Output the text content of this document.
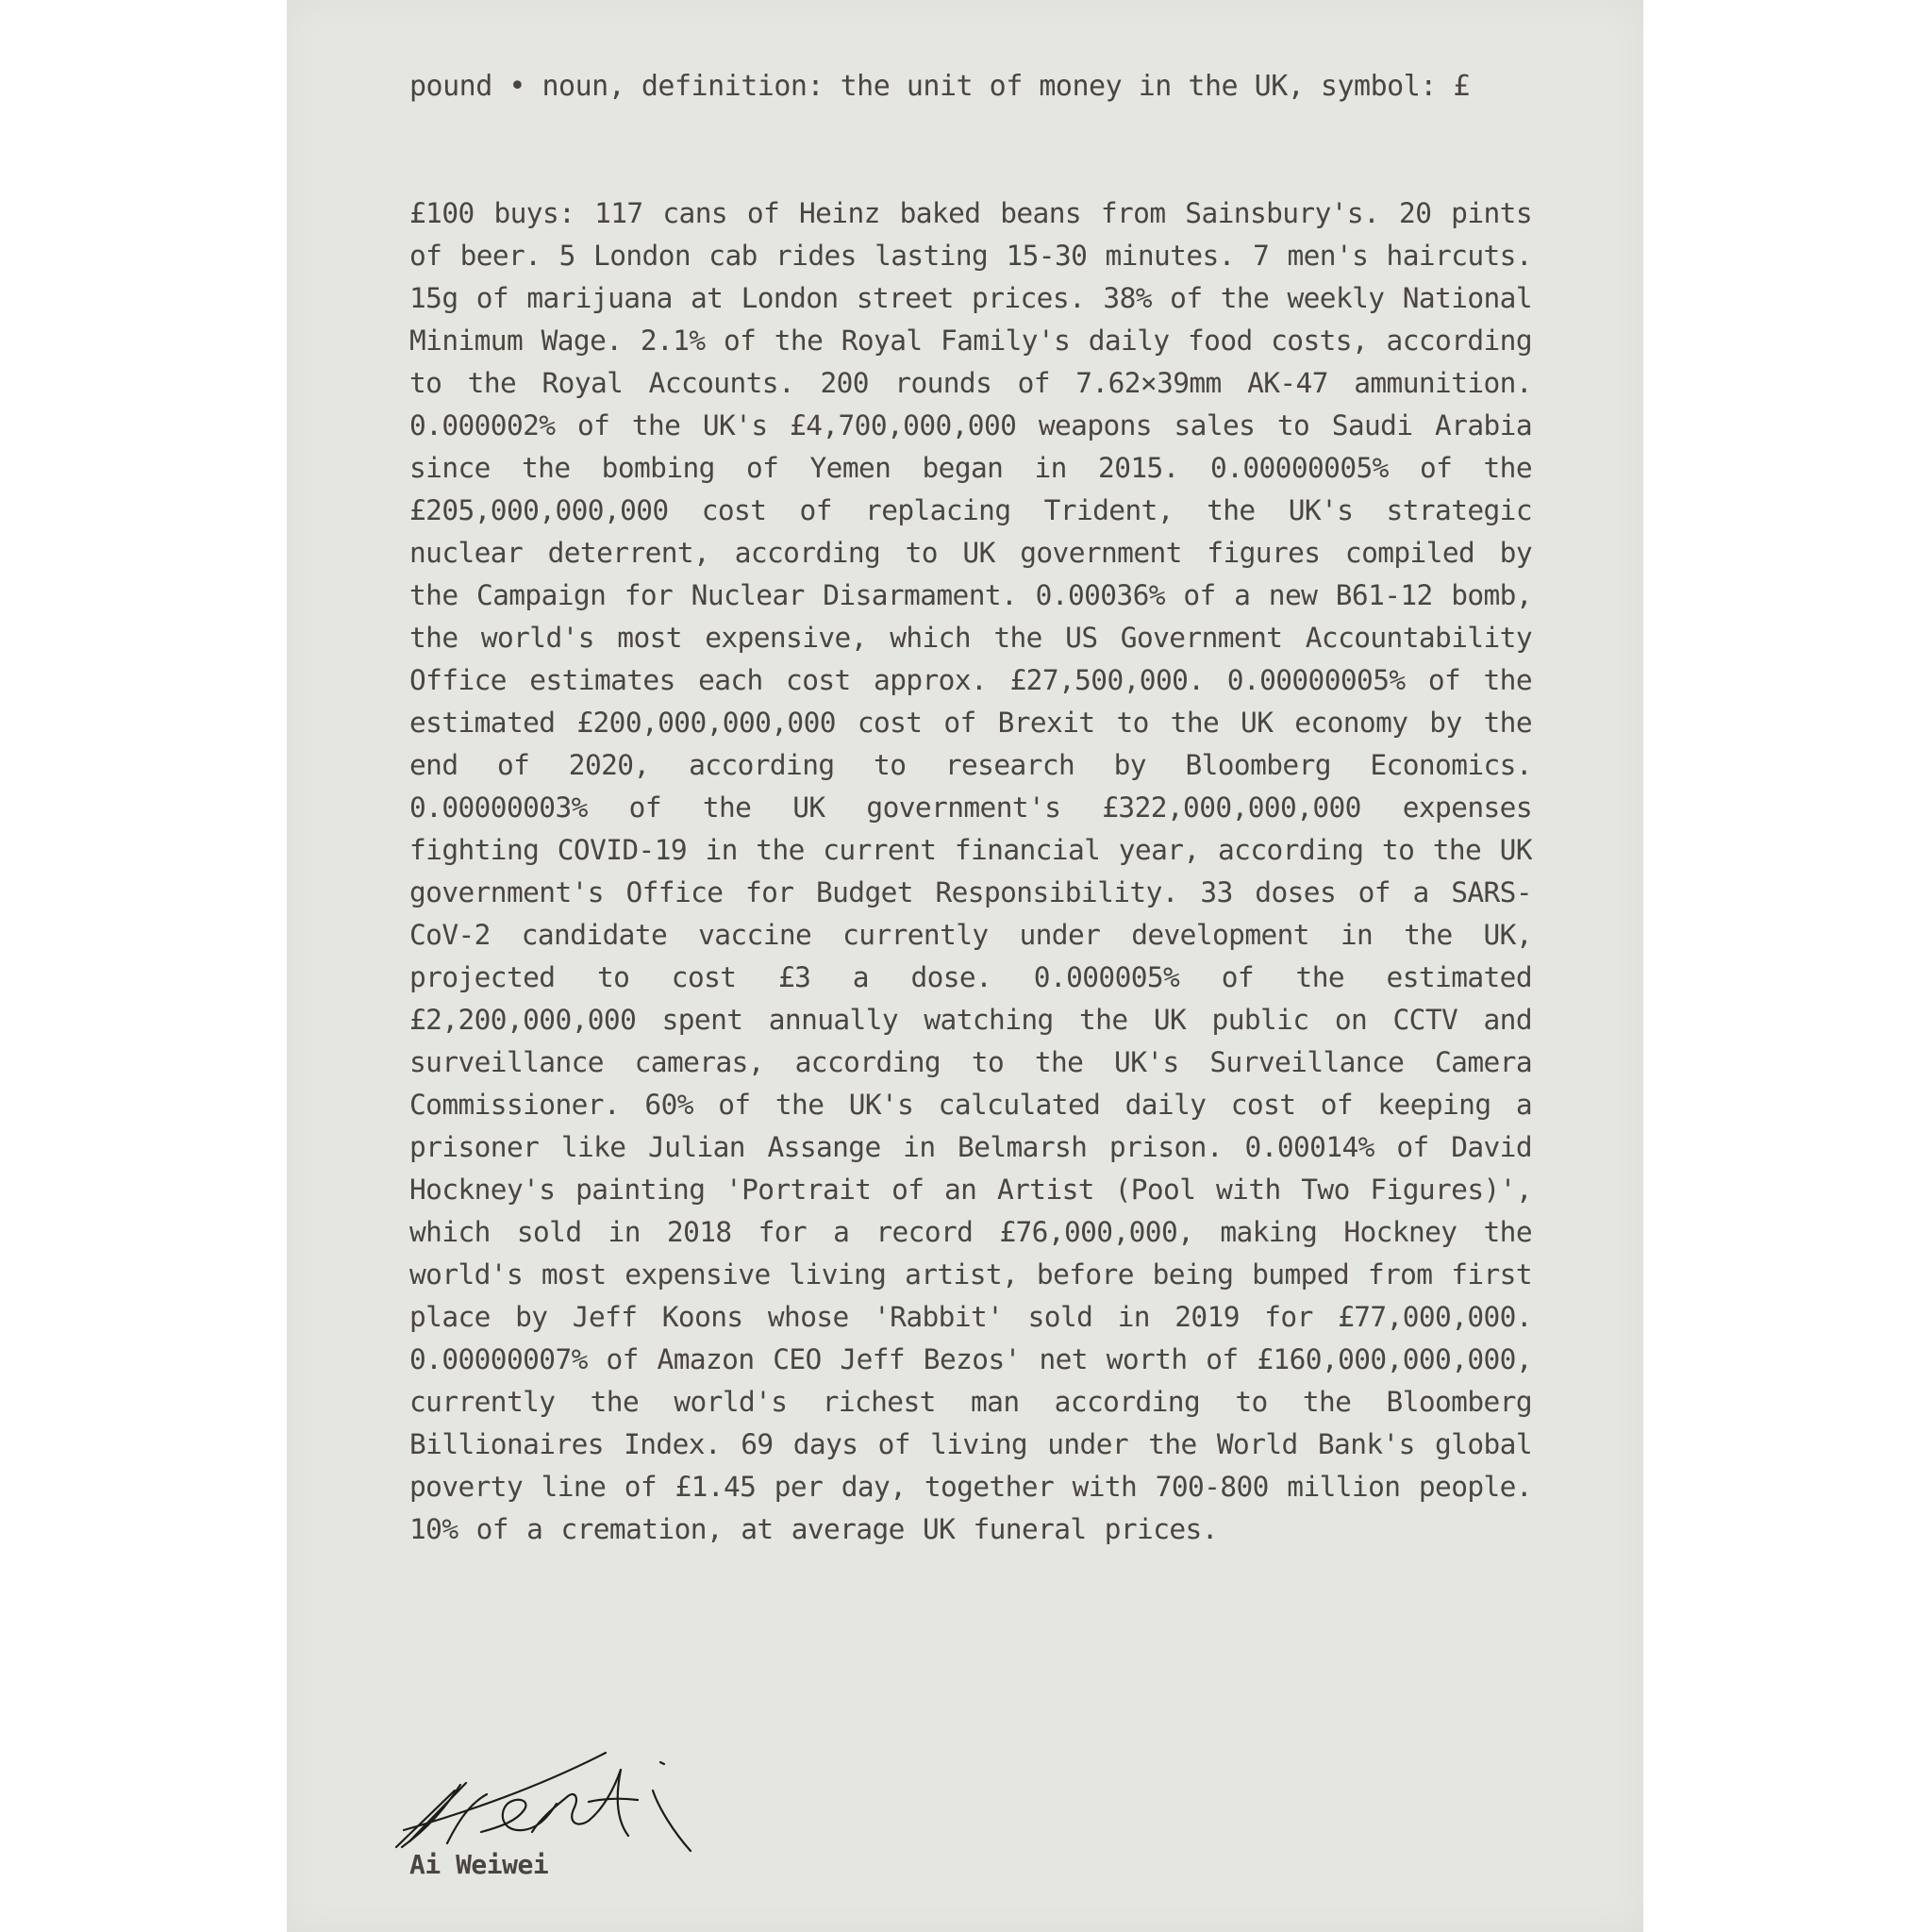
pound • noun, definition: the unit of money in the UK, symbol: £
£100 buys: 117 cans of Heinz baked beans from Sainsbury's. 20 pints of beer. 5 London cab rides lasting 15-30 minutes. 7 men's haircuts. 15g of marijuana at London street prices. 38% of the weekly National Minimum Wage. 2.1% of the Royal Family's daily food costs, according to the Royal Accounts. 200 rounds of 7.62×39mm AK-47 ammunition. 0.000002% of the UK's £4,700,000,000 weapons sales to Saudi Arabia since the bombing of Yemen began in 2015. 0.00000005% of the £205,000,000,000 cost of replacing Trident, the UK's strategic nuclear deterrent, according to UK government figures compiled by the Campaign for Nuclear Disarmament. 0.00036% of a new B61-12 bomb, the world's most expensive, which the US Government Accountability Office estimates each cost approx. £27,500,000. 0.00000005% of the estimated £200,000,000,000 cost of Brexit to the UK economy by the end of 2020, according to research by Bloomberg Economics. 0.00000003% of the UK government's £322,000,000,000 expenses fighting COVID-19 in the current financial year, according to the UK government's Office for Budget Responsibility. 33 doses of a SARS-CoV-2 candidate vaccine currently under development in the UK, projected to cost £3 a dose. 0.000005% of the estimated £2,200,000,000 spent annually watching the UK public on CCTV and surveillance cameras, according to the UK's Surveillance Camera Commissioner. 60% of the UK's calculated daily cost of keeping a prisoner like Julian Assange in Belmarsh prison. 0.00014% of David Hockney's painting 'Portrait of an Artist (Pool with Two Figures)', which sold in 2018 for a record £76,000,000, making Hockney the world's most expensive living artist, before being bumped from first place by Jeff Koons whose 'Rabbit' sold in 2019 for £77,000,000. 0.00000007% of Amazon CEO Jeff Bezos' net worth of £160,000,000,000, currently the world's richest man according to the Bloomberg Billionaires Index. 69 days of living under the World Bank's global poverty line of £1.45 per day, together with 700-800 million people. 10% of a cremation, at average UK funeral prices.
Ai Weiwei
